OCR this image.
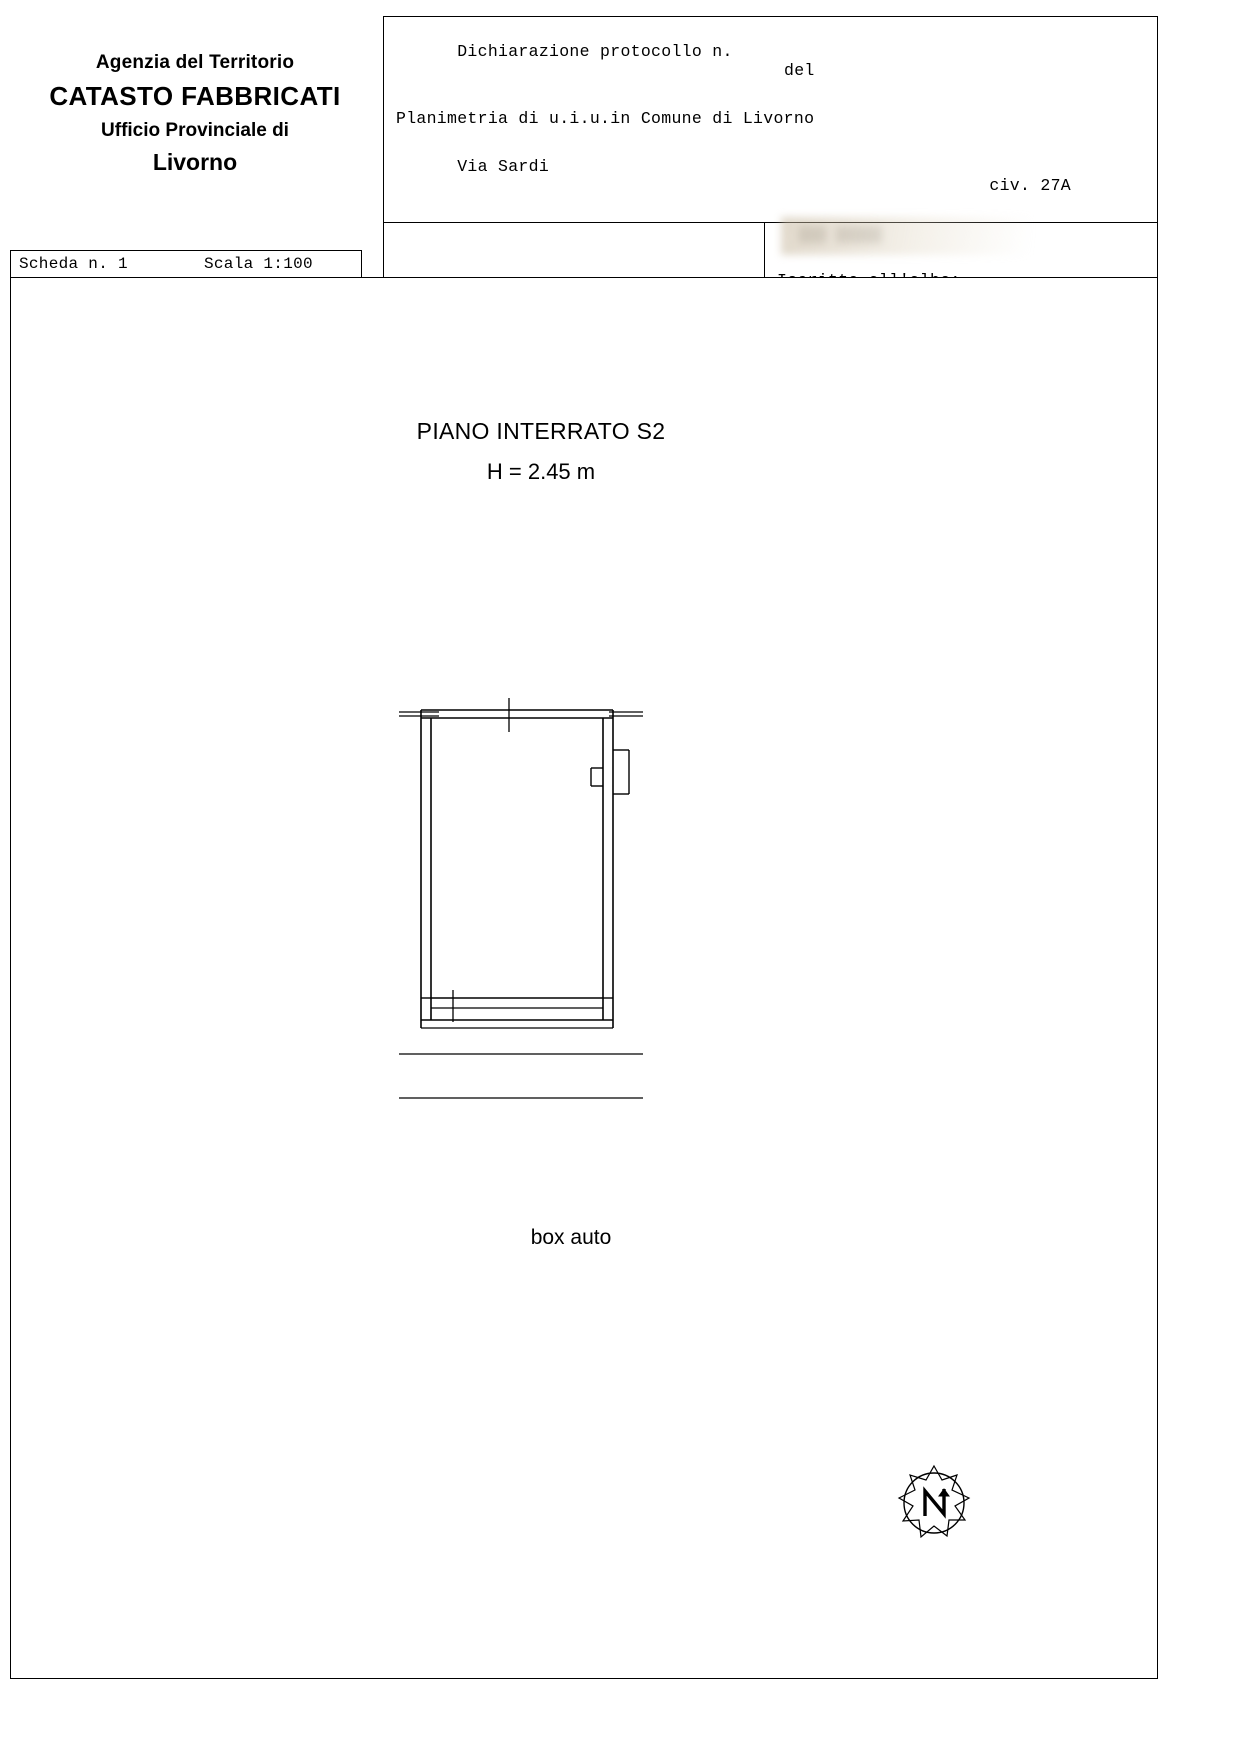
Agenzia del Territorio
CATASTO FABBRICATI
Ufficio Provinciale di
Livorno

Dichiarazione protocollo n.

del

Planimetria di u.i.u.in Comune di Livorno

Via Sardi

civ. 27A

▒▒▒ ▒▒▒▒▒
Scheda n. 1	Scala 1:100
PIANO INTERRATO S2
H = 2.45 m
box auto
